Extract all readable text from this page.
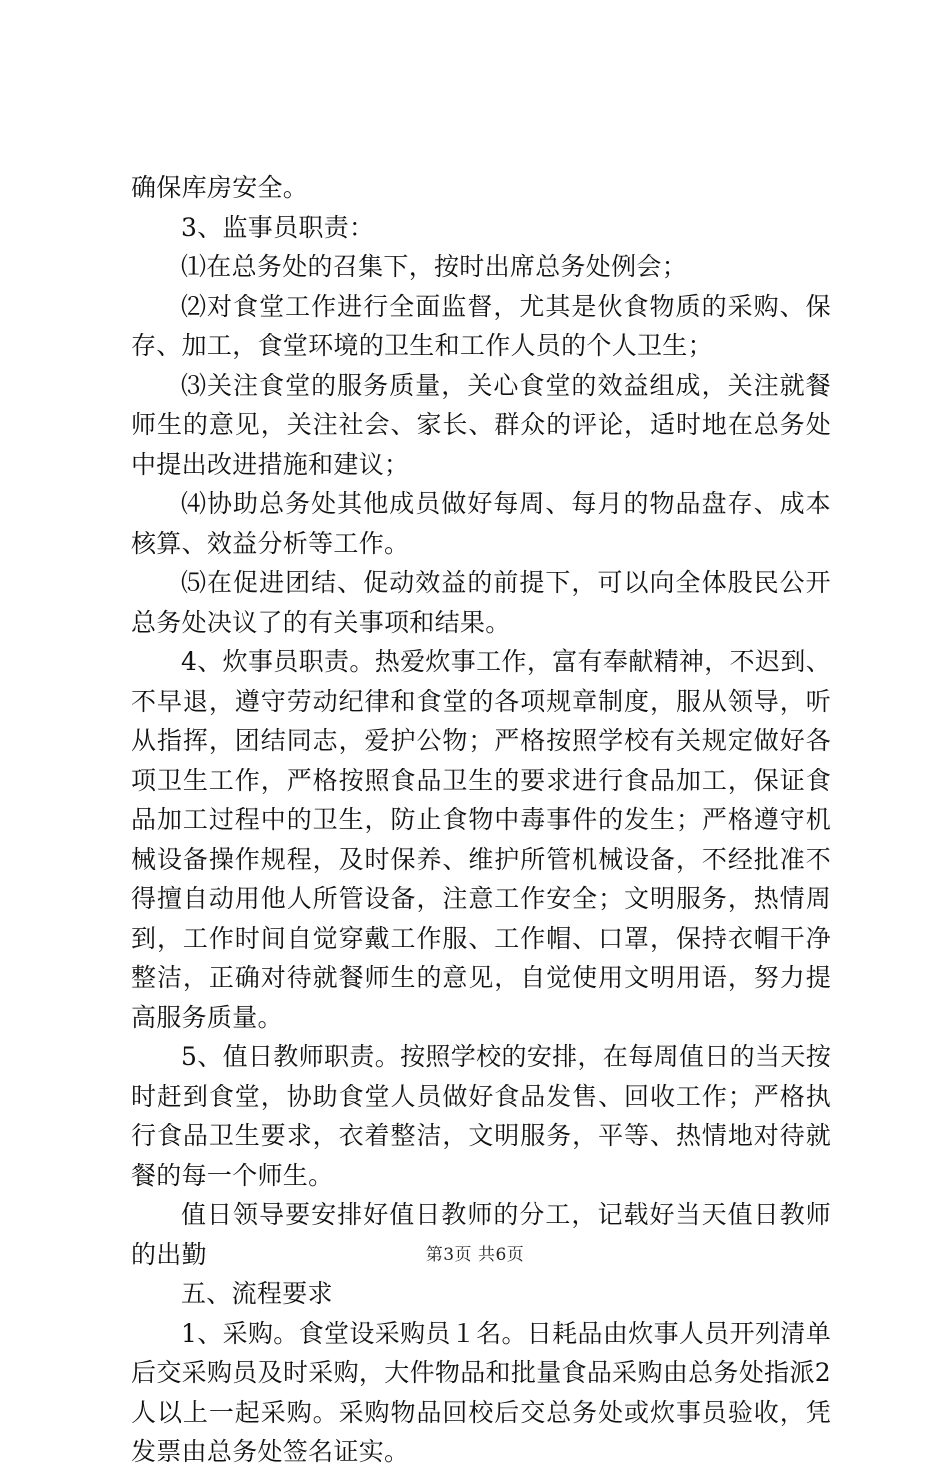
确保库房安全。

3、监事员职责：

⑴在总务处的召集下，按时出席总务处例会；

⑵对食堂工作进行全面监督，尤其是伙食物质的采购、保存、加工，食堂环境的卫生和工作人员的个人卫生；

⑶关注食堂的服务质量，关心食堂的效益组成，关注就餐师生的意见，关注社会、家长、群众的评论，适时地在总务处中提出改进措施和建议；

⑷协助总务处其他成员做好每周、每月的物品盘存、成本核算、效益分析等工作。

⑸在促进团结、促动效益的前提下，可以向全体股民公开总务处决议了的有关事项和结果。

4、炊事员职责。热爱炊事工作，富有奉献精神，不迟到、不早退，遵守劳动纪律和食堂的各项规章制度，服从领导，听从指挥，团结同志，爱护公物；严格按照学校有关规定做好各项卫生工作，严格按照食品卫生的要求进行食品加工，保证食品加工过程中的卫生，防止食物中毒事件的发生；严格遵守机械设备操作规程，及时保养、维护所管机械设备，不经批准不得擅自动用他人所管设备，注意工作安全；文明服务，热情周到，工作时间自觉穿戴工作服、工作帽、口罩，保持衣帽干净整洁，正确对待就餐师生的意见，自觉使用文明用语，努力提高服务质量。

5、值日教师职责。按照学校的安排，在每周值日的当天按时赶到食堂，协助食堂人员做好食品发售、回收工作；严格执行食品卫生要求，衣着整洁，文明服务，平等、热情地对待就餐的每一个师生。

值日领导要安排好值日教师的分工，记载好当天值日教师的出勤

五、流程要求

1、采购。食堂设采购员１名。日耗品由炊事人员开列清单后交采购员及时采购，大件物品和批量食品采购由总务处指派2人以上一起采购。采购物品回校后交总务处或炊事员验收，凭发票由总务处签名证实。

第3页 共6页
